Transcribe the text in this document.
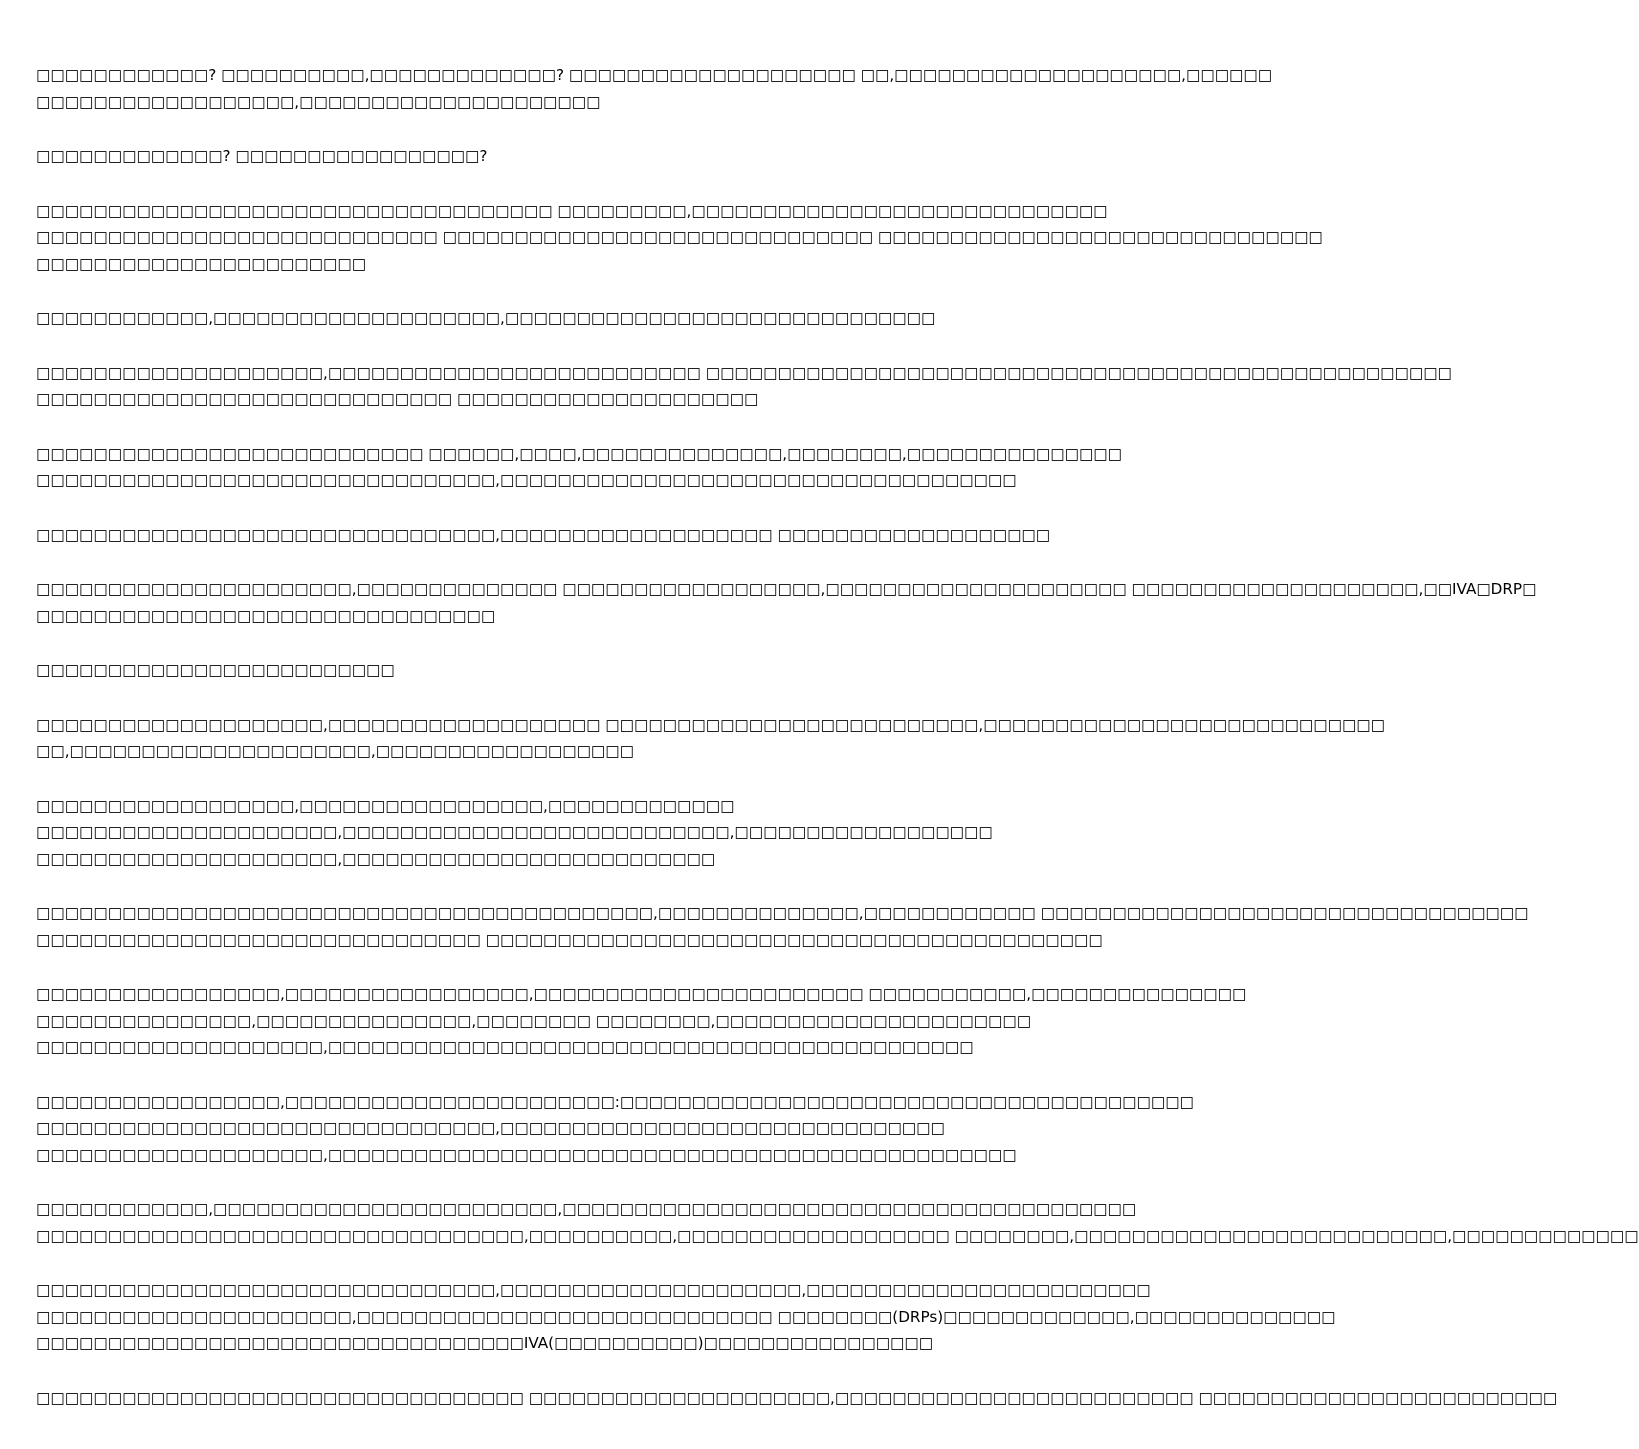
□□□□□□□□□□□□? □□□□□□□□□□,□□□□□□□□□□□□□? □□□□□□□□□□□□□□□□□□□□ □□,□□□□□□□□□□□□□□□□□□□□,□□□□□□
□□□□□□□□□□□□□□□□□□,□□□□□□□□□□□□□□□□□□□□□
□□□□□□□□□□□□□? □□□□□□□□□□□□□□□□□?
□□□□□□□□□□□□□□□□□□□□□□□□□□□□□□□□□□□□ □□□□□□□□□,□□□□□□□□□□□□□□□□□□□□□□□□□□□□□
□□□□□□□□□□□□□□□□□□□□□□□□□□□□ □□□□□□□□□□□□□□□□□□□□□□□□□□□□□□ □□□□□□□□□□□□□□□□□□□□□□□□□□□□□□□
□□□□□□□□□□□□□□□□□□□□□□□
□□□□□□□□□□□□,□□□□□□□□□□□□□□□□□□□□,□□□□□□□□□□□□□□□□□□□□□□□□□□□□□□
□□□□□□□□□□□□□□□□□□□□,□□□□□□□□□□□□□□□□□□□□□□□□□□ □□□□□□□□□□□□□□□□□□□□□□□□□□□□□□□□□□□□□□□□□□□□□□□□□□□□
□□□□□□□□□□□□□□□□□□□□□□□□□□□□□ □□□□□□□□□□□□□□□□□□□□□
□□□□□□□□□□□□□□□□□□□□□□□□□□□ □□□□□□,□□□□,□□□□□□□□□□□□□□,□□□□□□□□,□□□□□□□□□□□□□□□
□□□□□□□□□□□□□□□□□□□□□□□□□□□□□□□□,□□□□□□□□□□□□□□□□□□□□□□□□□□□□□□□□□□□□
□□□□□□□□□□□□□□□□□□□□□□□□□□□□□□□□,□□□□□□□□□□□□□□□□□□□ □□□□□□□□□□□□□□□□□□□
□□□□□□□□□□□□□□□□□□□□□□,□□□□□□□□□□□□□□ □□□□□□□□□□□□□□□□□□,□□□□□□□□□□□□□□□□□□□□□ □□□□□□□□□□□□□□□□□□□□,□□IVA□DRP□
□□□□□□□□□□□□□□□□□□□□□□□□□□□□□□□□
□□□□□□□□□□□□□□□□□□□□□□□□□
□□□□□□□□□□□□□□□□□□□□,□□□□□□□□□□□□□□□□□□□ □□□□□□□□□□□□□□□□□□□□□□□□□□,□□□□□□□□□□□□□□□□□□□□□□□□□□□□
□□,□□□□□□□□□□□□□□□□□□□□□,□□□□□□□□□□□□□□□□□□
□□□□□□□□□□□□□□□□□□,□□□□□□□□□□□□□□□□□,□□□□□□□□□□□□□
□□□□□□□□□□□□□□□□□□□□□,□□□□□□□□□□□□□□□□□□□□□□□□□□□,□□□□□□□□□□□□□□□□□□
□□□□□□□□□□□□□□□□□□□□□,□□□□□□□□□□□□□□□□□□□□□□□□□□
□□□□□□□□□□□□□□□□□□□□□□□□□□□□□□□□□□□□□□□□□□□,□□□□□□□□□□□□□□,□□□□□□□□□□□□ □□□□□□□□□□□□□□□□□□□□□□□□□□□□□□□□□□
□□□□□□□□□□□□□□□□□□□□□□□□□□□□□□□ □□□□□□□□□□□□□□□□□□□□□□□□□□□□□□□□□□□□□□□□□□□
□□□□□□□□□□□□□□□□□,□□□□□□□□□□□□□□□□□,□□□□□□□□□□□□□□□□□□□□□□□ □□□□□□□□□□□,□□□□□□□□□□□□□□□
□□□□□□□□□□□□□□□,□□□□□□□□□□□□□□□,□□□□□□□□ □□□□□□□□,□□□□□□□□□□□□□□□□□□□□□□
□□□□□□□□□□□□□□□□□□□□,□□□□□□□□□□□□□□□□□□□□□□□□□□□□□□□□□□□□□□□□□□□□□
□□□□□□□□□□□□□□□□□,□□□□□□□□□□□□□□□□□□□□□□□:□□□□□□□□□□□□□□□□□□□□□□□□□□□□□□□□□□□□□□□□
□□□□□□□□□□□□□□□□□□□□□□□□□□□□□□□□,□□□□□□□□□□□□□□□□□□□□□□□□□□□□□□□
□□□□□□□□□□□□□□□□□□□□,□□□□□□□□□□□□□□□□□□□□□□□□□□□□□□□□□□□□□□□□□□□□□□□□
□□□□□□□□□□□□,□□□□□□□□□□□□□□□□□□□□□□□□,□□□□□□□□□□□□□□□□□□□□□□□□□□□□□□□□□□□□□□□□
□□□□□□□□□□□□□□□□□□□□□□□□□□□□□□□□□□,□□□□□□□□□□,□□□□□□□□□□□□□□□□□□□ □□□□□□□□,□□□□□□□□□□□□□□□□□□□□□□□□□□,□□□□□□□□□□□□□
□□□□□□□□□□□□□□□□□□□□□□□□□□□□□□□□,□□□□□□□□□□□□□□□□□□□□□,□□□□□□□□□□□□□□□□□□□□□□□□
□□□□□□□□□□□□□□□□□□□□□□,□□□□□□□□□□□□□□□□□□□□□□□□□□□□□ □□□□□□□□(DRPs)□□□□□□□□□□□□□,□□□□□□□□□□□□□□
□□□□□□□□□□□□□□□□□□□□□□□□□□□□□□□□□□IVA(□□□□□□□□□□)□□□□□□□□□□□□□□□□
□□□□□□□□□□□□□□□□□□□□□□□□□□□□□□□□□□ □□□□□□□□□□□□□□□□□□□□□,□□□□□□□□□□□□□□□□□□□□□□□□□ □□□□□□□□□□□□□□□□□□□□□□□□□
